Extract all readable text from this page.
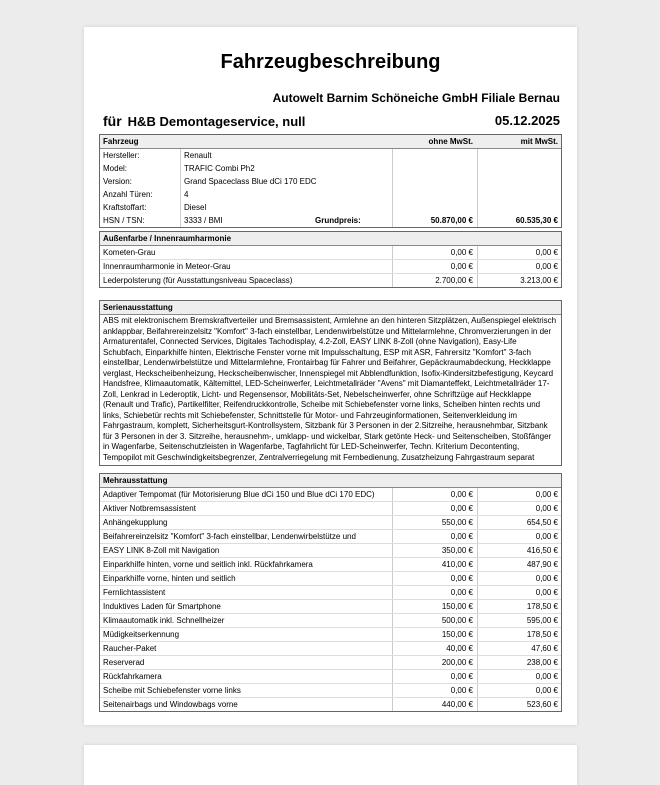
Fahrzeugbeschreibung
Autowelt Barnim Schöneiche GmbH Filiale Bernau
für H&B Demontageservice, null	05.12.2025
Fahrzeug	ohne MwSt.	mit MwSt.
Hersteller:	Renault
Model:	TRAFIC Combi Ph2
Version:	Grand Spaceclass Blue dCi 170 EDC
Anzahl Türen:	4
Kraftstoffart:	Diesel
HSN / TSN:	3333 / BMI	Grundpreis:	50.870,00 €	60.535,30 €
Außenfarbe / Innenraumharmonie
Kometen-Grau	0,00 €	0,00 €
Innenraumharmonie in Meteor-Grau	0,00 €	0,00 €
Lederpolsterung (für Ausstattungsniveau Spaceclass)	2.700,00 €	3.213,00 €
Serienausstattung
ABS mit elektronischem Bremskraftverteiler und Bremsassistent, Armlehne an den hinteren Sitzplätzen, Außenspiegel elektrisch anklappbar, Beifahrereinzelsitz "Komfort" 3-fach einstellbar, Lendenwirbelstütze und Mittelarmlehne, Chromverzierungen in der Armaturentafel, Connected Services, Digitales Tachodisplay, 4.2-Zoll, EASY LINK 8-Zoll (ohne Navigation), Easy-Life Schubfach, Einparkhilfe hinten, Elektrische Fenster vorne mit Impulsschaltung, ESP mit ASR, Fahrersitz "Komfort" 3-fach einstellbar, Lendenwirbelstütze und Mittelarmlehne, Frontairbag für Fahrer und Beifahrer, Gepäckraumabdeckung, Heckklappe verglast, Heckscheibenheizung, Heckscheibenwischer, Innenspiegel mit Abblendfunktion, Isofix-Kindersitzbefestigung, Keycard Handsfree, Klimaautomatik, Kältemittel, LED-Scheinwerfer, Leichtmetallräder "Avens" mit Diamanteffekt, Leichtmetallräder 17-Zoll, Lenkrad in Lederoptik, Licht- und Regensensor, Mobilitäts-Set, Nebelscheinwerfer, ohne Schriftzüge auf Heckklappe (Renault und Trafic), Partikelfilter, Reifendruckkontrolle, Scheibe mit Schiebefenster vorne links, Scheiben hinten rechts und links, Schiebetür rechts mit Schiebefenster, Schnittstelle für Motor- und Fahrzeuginformationen, Seitenverkleidung im Fahrgastraum, komplett, Sicherheitsgurt-Kontrollsystem, Sitzbank für 3 Personen in der 2.Sitzreihe, herausnehmbar, Sitzbank für 3 Personen in der 3. Sitzreihe, herausnehm-, umklapp- und wickelbar, Stark getönte Heck- und Seitenscheiben, Stoßfänger in Wagenfarbe, Seitenschutzleisten in Wagenfarbe, Tagfahrlicht für LED-Scheinwerfer, Techn. Kriterium Decontenting, Tempopilot mit Geschwindigkeitsbegrenzer, Zentralverriegelung mit Fernbedienung, Zusatzheizung Fahrgastraum separat
Mehrausstattung
Adaptiver Tempomat (für Motorisierung Blue dCi 150 und Blue dCi 170 EDC)	0,00 €	0,00 €
Aktiver Notbremsassistent	0,00 €	0,00 €
Anhängekupplung	550,00 €	654,50 €
Beifahrereinzelsitz "Komfort" 3-fach einstellbar, Lendenwirbelstütze und	0,00 €	0,00 €
EASY LINK 8-Zoll mit Navigation	350,00 €	416,50 €
Einparkhilfe hinten, vorne und seitlich inkl. Rückfahrkamera	410,00 €	487,90 €
Einparkhilfe vorne, hinten und seitlich	0,00 €	0,00 €
Fernlichtassistent	0,00 €	0,00 €
Induktives Laden für Smartphone	150,00 €	178,50 €
Klimaautomatik inkl. Schnellheizer	500,00 €	595,00 €
Müdigkeitserkennung	150,00 €	178,50 €
Raucher-Paket	40,00 €	47,60 €
Reserverad	200,00 €	238,00 €
Rückfahrkamera	0,00 €	0,00 €
Scheibe mit Schiebefenster vorne links	0,00 €	0,00 €
Seitenairbags und Windowbags vorne	440,00 €	523,60 €
